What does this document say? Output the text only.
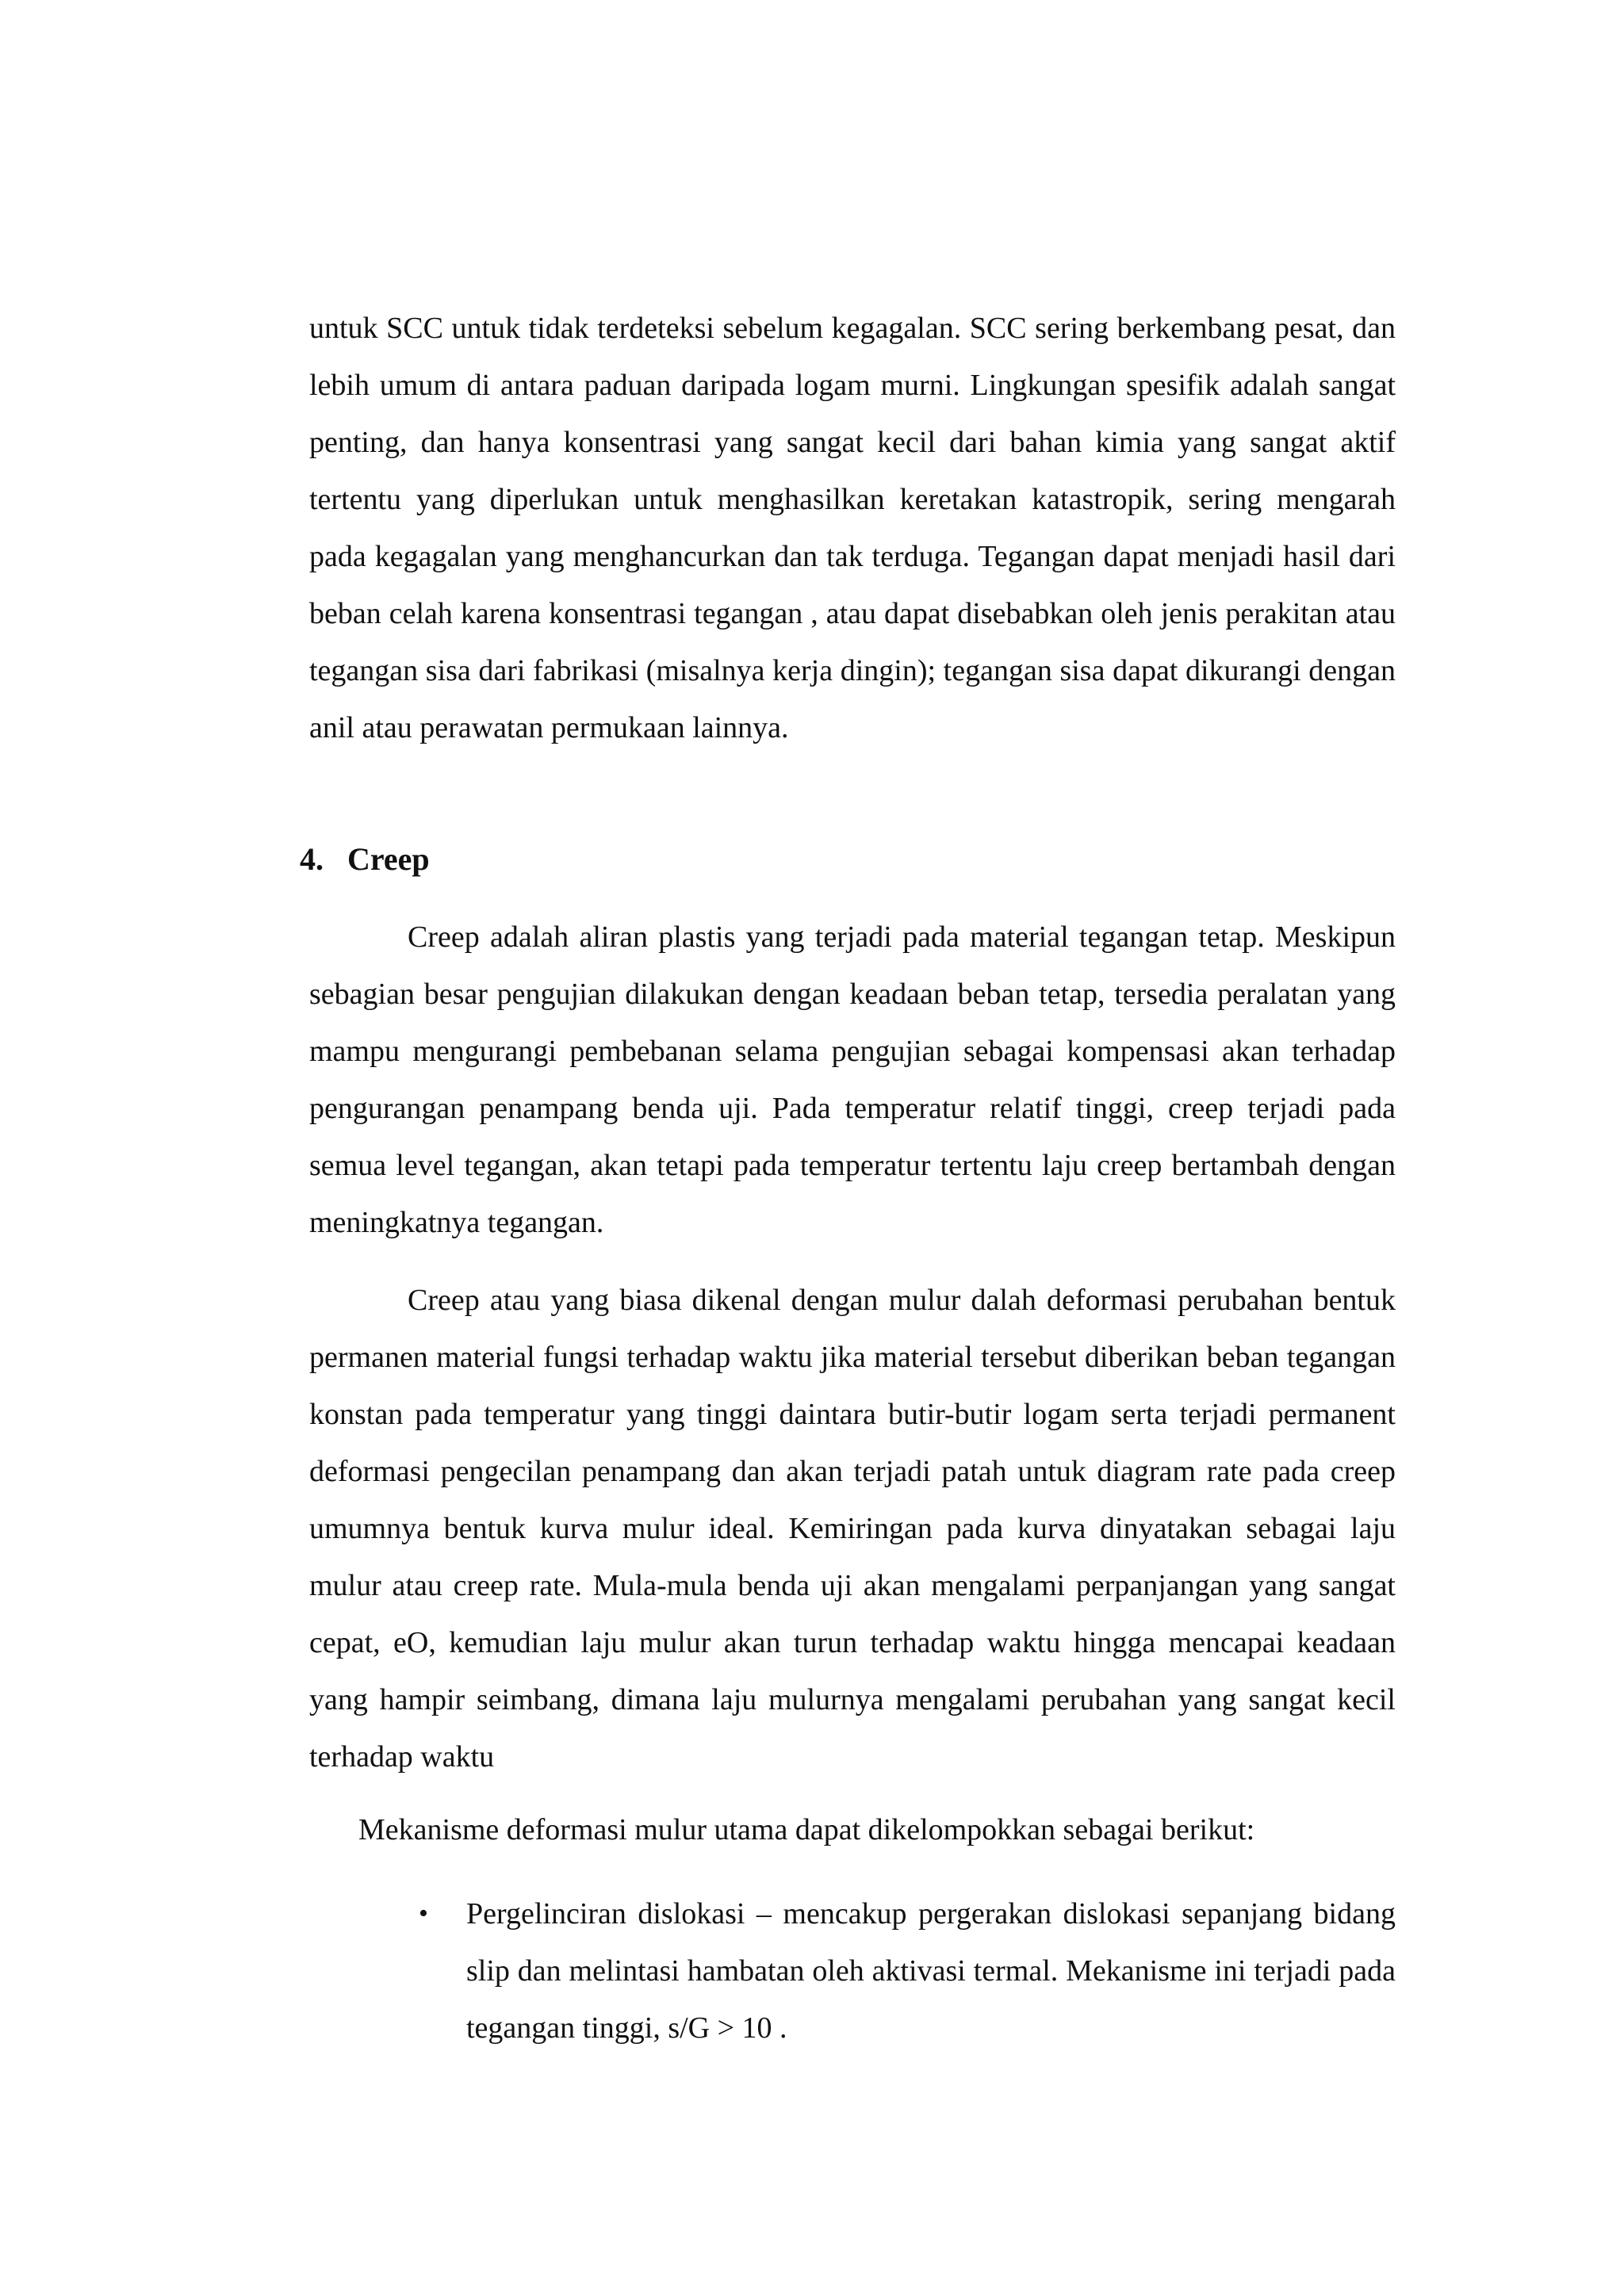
untuk SCC untuk tidak terdeteksi sebelum kegagalan. SCC sering berkembang pesat, dan lebih umum di antara paduan daripada logam murni. Lingkungan spesifik adalah sangat penting, dan hanya konsentrasi yang sangat kecil dari bahan kimia yang sangat aktif tertentu yang diperlukan untuk menghasilkan keretakan katastropik, sering mengarah pada kegagalan yang menghancurkan dan tak terduga. Tegangan dapat menjadi hasil dari beban celah karena konsentrasi tegangan , atau dapat disebabkan oleh jenis perakitan atau tegangan sisa dari fabrikasi (misalnya kerja dingin); tegangan sisa dapat dikurangi dengan anil atau perawatan permukaan lainnya.

4. Creep

Creep adalah aliran plastis yang terjadi pada material tegangan tetap. Meskipun sebagian besar pengujian dilakukan dengan keadaan beban tetap, tersedia peralatan yang mampu mengurangi pembebanan selama pengujian sebagai kompensasi akan terhadap pengurangan penampang benda uji. Pada temperatur relatif tinggi, creep terjadi pada semua level tegangan, akan tetapi pada temperatur tertentu laju creep bertambah dengan meningkatnya tegangan.

Creep atau yang biasa dikenal dengan mulur dalah deformasi perubahan bentuk permanen material fungsi terhadap waktu jika material tersebut diberikan beban tegangan konstan pada temperatur yang tinggi daintara butir-butir logam serta terjadi permanent deformasi pengecilan penampang dan akan terjadi patah untuk diagram rate pada creep umumnya bentuk kurva mulur ideal. Kemiringan pada kurva dinyatakan sebagai laju mulur atau creep rate. Mula-mula benda uji akan mengalami perpanjangan yang sangat cepat, eO, kemudian laju mulur akan turun terhadap waktu hingga mencapai keadaan yang hampir seimbang, dimana laju mulurnya mengalami perubahan yang sangat kecil terhadap waktu

Mekanisme deformasi mulur utama dapat dikelompokkan sebagai berikut:

• Pergelinciran dislokasi – mencakup pergerakan dislokasi sepanjang bidang slip dan melintasi hambatan oleh aktivasi termal. Mekanisme ini terjadi pada tegangan tinggi, s/G > 10 .
